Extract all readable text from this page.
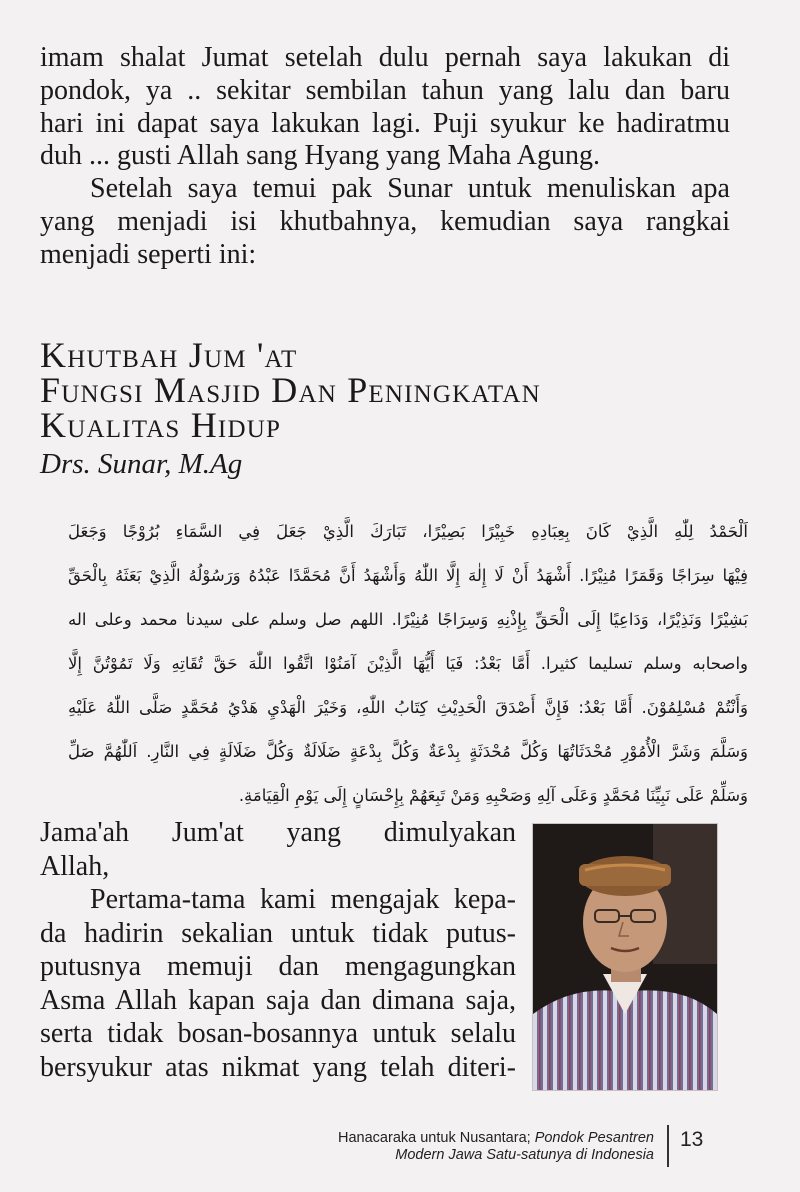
imam shalat Jumat setelah dulu pernah saya lakukan di
pondok, ya .. sekitar sembilan tahun yang lalu dan baru
hari ini dapat saya lakukan lagi. Puji syukur ke hadiratmu
duh ... gusti Allah sang Hyang yang Maha Agung.

Setelah saya temui pak Sunar untuk menuliskan apa
yang menjadi isi khutbahnya, kemudian saya rangkai
menjadi seperti ini:

Khutbah Jum 'at
Fungsi Masjid Dan Peningkatan
Kualitas Hidup
Drs. Sunar, M.Ag
اَلْحَمْدُ لِلّٰهِ الَّذِيْ كَانَ بِعِبَادِهِ خَبِيْرًا بَصِيْرًا، تَبَارَكَ الَّذِيْ جَعَلَ فِي السَّمَاءِ بُرُوْجًا وَجَعَلَ
فِيْهَا سِرَاجًا وَقَمَرًا مُنِيْرًا. أَشْهَدُ أَنْ لَا إِلٰهَ إِلَّا اللّٰهُ وَأَشْهَدُ أَنَّ مُحَمَّدًا عَبْدُهُ وَرَسُوْلُهُ الَّذِيْ بَعَثَهُ بِالْحَقِّ
بَشِيْرًا وَنَذِيْرًا، وَدَاعِيًا إِلَى الْحَقِّ بِإِذْنِهِ وَسِرَاجًا مُنِيْرًا. اللهم صل وسلم على سيدنا محمد وعلى اله
واصحابه وسلم تسليما كثيرا. أَمَّا بَعْدُ: فَيَا أَيُّهَا الَّذِيْنَ آمَنُوْا اتَّقُوا اللّٰهَ حَقَّ تُقَاتِهِ وَلَا تَمُوْتُنَّ إِلَّا
وَأَنْتُمْ مُسْلِمُوْنَ. أَمَّا بَعْدُ: فَإِنَّ أَصْدَقَ الْحَدِيْثِ كِتَابُ اللّٰهِ، وَخَيْرَ الْهَدْيِ هَدْيُ مُحَمَّدٍ صَلَّى اللّٰهُ عَلَيْهِ
وَسَلَّمَ وَشَرَّ الْأُمُوْرِ مُحْدَثَاتُهَا وَكُلَّ مُحْدَثَةٍ بِدْعَةٌ وَكُلَّ بِدْعَةٍ ضَلَالَةٌ وَكُلَّ ضَلَالَةٍ فِي النَّارِ. اَللّٰهُمَّ صَلِّ
وَسَلِّمْ عَلَى نَبِيِّنَا مُحَمَّدٍ وَعَلَى آلِهِ وَصَحْبِهِ وَمَنْ تَبِعَهُمْ بِإِحْسَانٍ إِلَى يَوْمِ الْقِيَامَةِ.
Jama'ah Jum'at yang dimulyakan
Allah,
Pertama-tama kami mengajak kepa-
da hadirin sekalian untuk tidak putus-
putusnya memuji dan mengagungkan
Asma Allah kapan saja dan dimana saja,
serta tidak bosan-bosannya untuk selalu
bersyukur atas nikmat yang telah diteri-
Hanacaraka untuk Nusantara; Pondok Pesantren
Modern Jawa Satu-satunya di Indonesia
13
